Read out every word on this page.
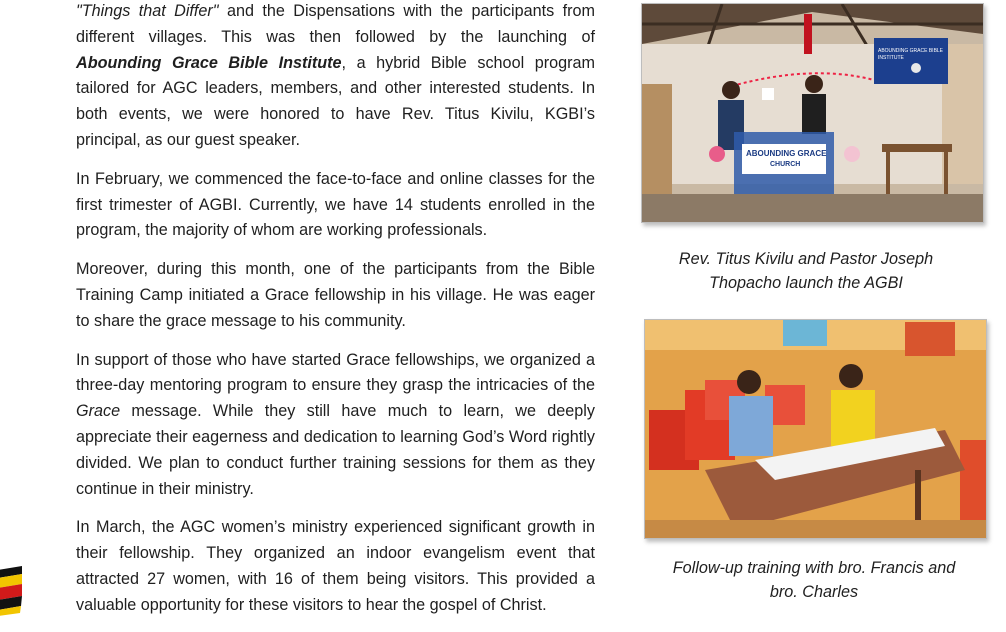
"Things that Differ" and the Dispensations with the participants from different villages. This was then followed by the launching of Abounding Grace Bible Institute, a hybrid Bible school program tailored for AGC leaders, members, and other interested students. In both events, we were honored to have Rev. Titus Kivilu, KGBI’s principal, as our guest speaker.

In February, we commenced the face-to-face and online classes for the first trimester of AGBI. Currently, we have 14 students enrolled in the program, the majority of whom are working professionals.

Moreover, during this month, one of the participants from the Bible Training Camp initiated a Grace fellowship in his village. He was eager to share the grace message to his community.

In support of those who have started Grace fellowships, we organized a three-day mentoring program to ensure they grasp the intricacies of the Grace message. While they still have much to learn, we deeply appreciate their eagerness and dedication to learning God’s Word rightly divided. We plan to conduct further training sessions for them as they continue in their ministry.

In March, the AGC women’s ministry experienced significant growth in their fellowship. They organized an indoor evangelism event that attracted 27 women, with 16 of them being visitors. This provided a valuable opportunity for these visitors to hear the gospel of Christ.

ABOUNDING GRACE BIBLE
INSTITUTE
ABOUNDING GRACE
CHURCH
Rev. Titus Kivilu and Pastor Joseph
Thopacho launch the AGBI
Follow-up training with bro. Francis and
bro. Charles
